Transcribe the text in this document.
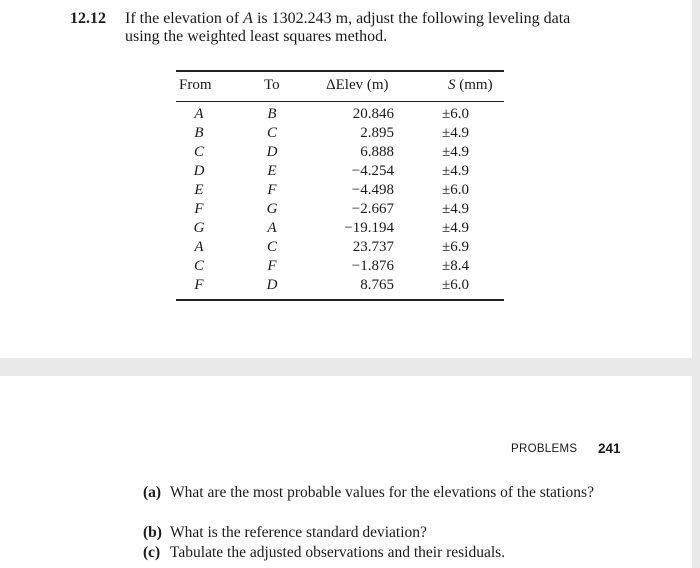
12.12 If the elevation of A is 1302.243 m, adjust the following leveling data
using the weighted least squares method.
From	To	ΔElev (m)	S (mm)
A	B	20.846	±6.0
B	C	2.895	±4.9
C	D	6.888	±4.9
D	E	−4.254	±4.9
E	F	−4.498	±6.0
F	G	−2.667	±4.9
G	A	−19.194	±4.9
A	C	23.737	±6.9
C	F	−1.876	±8.4
F	D	8.765	±6.0
PROBLEMS 241
(a) What are the most probable values for the elevations of the stations?
(b) What is the reference standard deviation?
(c) Tabulate the adjusted observations and their residuals.
